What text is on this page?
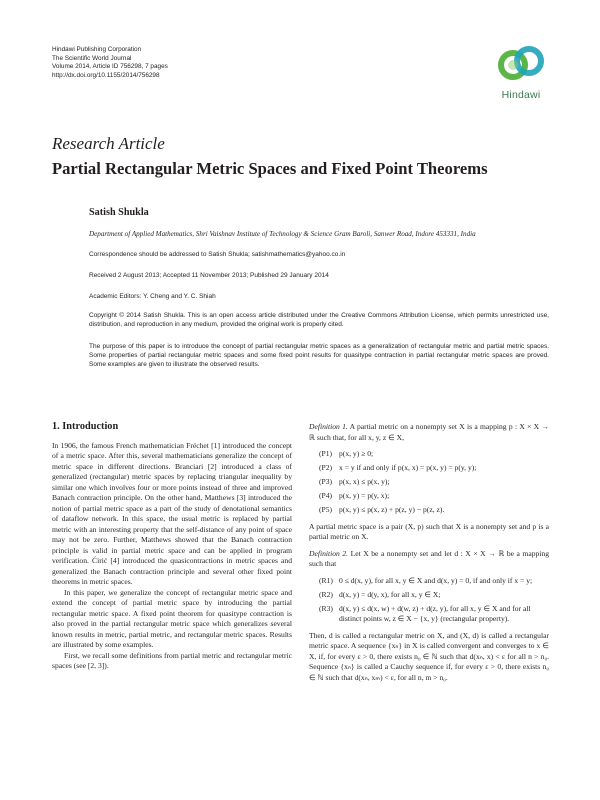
Hindawi Publishing Corporation
The Scientific World Journal
Volume 2014, Article ID 756298, 7 pages
http://dx.doi.org/10.1155/2014/756298
Hindawi
Research Article
Partial Rectangular Metric Spaces and Fixed Point Theorems
Satish Shukla
Department of Applied Mathematics, Shri Vaishnav Institute of Technology & Science Gram Baroli, Sanwer Road, Indore 453331, India
Correspondence should be addressed to Satish Shukla; satishmathematics@yahoo.co.in
Received 2 August 2013; Accepted 11 November 2013; Published 29 January 2014
Academic Editors: Y. Cheng and Y. C. Shiah
Copyright © 2014 Satish Shukla. This is an open access article distributed under the Creative Commons Attribution License, which permits unrestricted use, distribution, and reproduction in any medium, provided the original work is properly cited.
The purpose of this paper is to introduce the concept of partial rectangular metric spaces as a generalization of rectangular metric and partial metric spaces. Some properties of partial rectangular metric spaces and some fixed point results for quasitype contraction in partial rectangular metric spaces are proved. Some examples are given to illustrate the observed results.
1. Introduction

In 1906, the famous French mathematician Fréchet [1] introduced the concept of a metric space. After this, several mathematicians generalize the concept of metric space in different directions. Branciari [2] introduced a class of generalized (rectangular) metric spaces by replacing triangular inequality by similar one which involves four or more points instead of three and improved Banach contraction principle. On the other hand, Matthews [3] introduced the notion of partial metric space as a part of the study of denotational semantics of dataflow network. In this space, the usual metric is replaced by partial metric with an interesting property that the self-distance of any point of space may not be zero. Further, Matthews showed that the Banach contraction principle is valid in partial metric space and can be applied in program verification. Ćirić [4] introduced the quasicontractions in metric spaces and generalized the Banach contraction principle and several other fixed point theorems in metric spaces.

In this paper, we generalize the concept of rectangular metric space and extend the concept of partial metric space by introducing the partial rectangular metric space. A fixed point theorem for quasitype contraction is also proved in the partial rectangular metric space which generalizes several known results in metric, partial metric, and rectangular metric spaces. Results are illustrated by some examples.

First, we recall some definitions from partial metric and rectangular metric spaces (see [2, 3]).

Definition 1. A partial metric on a nonempty set X is a mapping p : X × X → ℝ such that, for all x, y, z ∈ X,

(P1) p(x, y) ≥ 0;
(P2) x = y if and only if p(x, x) = p(x, y) = p(y, y);
(P3) p(x, x) ≤ p(x, y);
(P4) p(x, y) = p(y, x);
(P5) p(x, y) ≤ p(x, z) + p(z, y) − p(z, z).

A partial metric space is a pair (X, p) such that X is a nonempty set and p is a partial metric on X.

Definition 2. Let X be a nonempty set and let d : X × X → ℝ be a mapping such that

(R1) 0 ≤ d(x, y), for all x, y ∈ X and d(x, y) = 0, if and only if x = y;
(R2) d(x, y) = d(y, x), for all x, y ∈ X;
(R3) d(x, y) ≤ d(x, w) + d(w, z) + d(z, y), for all x, y ∈ X and for all distinct points w, z ∈ X − {x, y} (rectangular property).

Then, d is called a rectangular metric on X, and (X, d) is called a rectangular metric space. A sequence {xₙ} in X is called convergent and converges to x ∈ X, if, for every ε > 0, there exists n₀ ∈ ℕ such that d(xₙ, x) < ε for all n > n₀. Sequence {xₙ} is called a Cauchy sequence if, for every ε > 0, there exists n₀ ∈ ℕ such that d(xₙ, xₘ) < ε, for all n, m > n₀.
